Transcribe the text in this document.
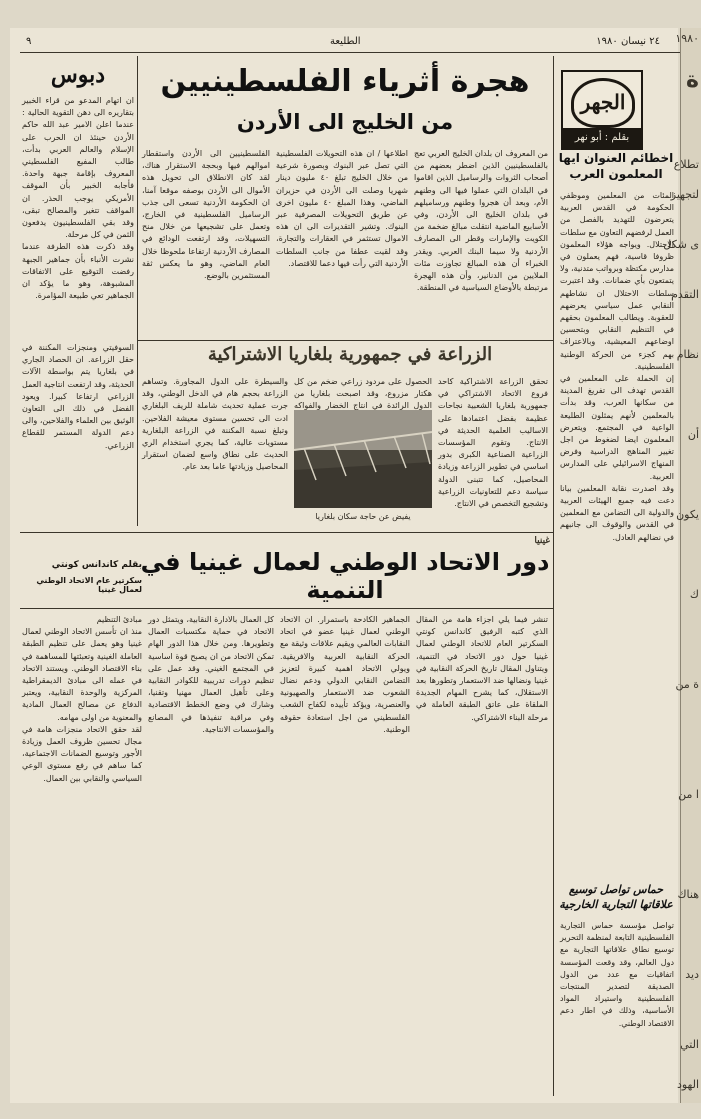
١٩٨٠
ة
تطلاع
لتجهيز
ى شكل
التقدم
نظام
أن
يكون
ك
ة من
ا من
هناك
ديد
التي
الهود
٩	الطليعة	٢٤ نيسان ١٩٨٠
دبوس
ان اتهام المدعو من قراء الخبير بتقاريره الى دهن التقوية الحالية : عندما اعلن الامير عبد الله حاكم الأردن حينئذ ان الحرب على الإسلام والعالم العربي بدأت، طالب المفيع الفلسطيني المعروف بإقامة جبهة واحدة. فأجابه الخبير بأن الموقف الأمريكي يوجب الحذر. ان المواقف تتغير والمصالح تبقى، وقد بقي الفلسطينيون يدفعون الثمن في كل مرحلة.
وقد ذكرت هذه الطرفة عندما نشرت الأنباء بأن جماهير الجبهة رفضت التوقيع على الاتفاقات المشبوهة، وهو ما يؤكد ان الجماهير تعي طبيعة المؤامرة.
هجرة أثرياء الفلسطينيين
من الخليج الى الأردن
من المعروف ان بلدان الخليج العربي تعج بالفلسطينيين الذين اضطر بعضهم من أصحاب الثروات والرساميل الذين اقاموا في البلدان التي عملوا فيها الى وطنهم الأم، وبعد أن هجروا وطنهم ورساميلهم في بلدان الخليج الى الأردن، وفي الأسابيع الماضية انتقلت مبالغ ضخمة من الكويت والإمارات وقطر الى المصارف الأردنية ولا سيما البنك العربي. ويقدر الخبراء أن هذه المبالغ تجاوزت مئات الملايين من الدنانير، وأن هذه الهجرة مرتبطة بالأوضاع السياسية في المنطقة.
اطلاعها / ان هذه التحويلات الفلسطينية التي تصل عبر البنوك وبصورة شرعية من خلال الخليج تبلغ ٤٠ مليون دينار شهريا وصلت الى الأردن في حزيران الماضي، وهذا المبلغ ٤٠ مليون اخرى عن طريق التحويلات المصرفية عبر البنوك. وتشير التقديرات الى ان هذه الاموال تستثمر في العقارات والتجارة، وقد لقيت عطفا من جانب السلطات الأردنية التي رأت فيها دعما للاقتصاد.
الفلسطينيين الى الأردن واستقطار اموالهم فيها وبحجة الاستقرار هناك، لقد كان الانطلاق الى تحويل هذه الأموال الى الأردن بوصفه موقعا آمنا، ان الحكومة الأردنية تسعى الى جذب الرساميل الفلسطينية في الخارج، وتعمل على تشجيعها من خلال منح التسهيلات، وقد ارتفعت الودائع في المصارف الأردنية ارتفاعا ملحوظا خلال العام الماضي، وهو ما يعكس ثقة المستثمرين بالوضع.
الجهر
بقلم : أبو نهر
اخطائم العنوان ايها المعلمون العرب
المئات من المعلمين وموظفي الحكومة في القدس العربية يتعرضون للتهديد بالفصل من العمل لرفضهم التعاون مع سلطات الاحتلال. ويواجه هؤلاء المعلمون ظروفا قاسية، فهم يعملون في مدارس مكتظة وبرواتب متدنية، ولا يتمتعون بأي ضمانات. وقد اعتبرت سلطات الاحتلال ان نشاطهم النقابي عمل سياسي يعرضهم للعقوبة. ويطالب المعلمون بحقهم في التنظيم النقابي وبتحسين اوضاعهم المعيشية، وبالاعتراف بهم كجزء من الحركة الوطنية الفلسطينية.
إن الحملة على المعلمين في القدس تهدف الى تفريغ المدينة من سكانها العرب، وقد بدأت بالمعلمين لأنهم يمثلون الطليعة الواعية في المجتمع. ويتعرض المعلمون ايضا لضغوط من اجل تغيير المناهج الدراسية وفرض المنهاج الاسرائيلي على المدارس العربية.
وقد اصدرت نقابة المعلمين بيانا دعت فيه جميع الهيئات العربية والدولية الى التضامن مع المعلمين في القدس والوقوف الى جانبهم في نضالهم العادل.
حماس تواصل توسيع علاقاتها التجارية الخارجية
تواصل مؤسسة حماس التجارية الفلسطينية التابعة لمنظمة التحرير توسيع نطاق علاقاتها التجارية مع دول العالم، وقد وقعت المؤسسة اتفاقيات مع عدد من الدول الصديقة لتصدير المنتجات الفلسطينية واستيراد المواد الأساسية، وذلك في اطار دعم الاقتصاد الوطني.
الزراعة في جمهورية بلغاريا الاشتراكية
تحقق الزراعة الاشتراكية كاحد فروع الاتحاد الاشتراكي في جمهورية بلغاريا الشعبية نجاحات عظيمة بفضل اعتمادها على الاساليب العلمية الحديثة في الانتاج. وتقوم المؤسسات الزراعية الصناعية الكبرى بدور اساسي في تطوير الزراعة وزيادة المحاصيل، كما تتبنى الدولة سياسة دعم للتعاونيات الزراعية وتشجيع التخصص في الانتاج.
الحصول على مردود زراعي ضخم من كل هكتار مزروع، وقد اصبحت بلغاريا من الدول الرائدة في انتاج الخضار والفواكه
يفيض عن حاجة سكان بلغاريا
والسيطرة على الدول المجاورة. وتساهم الزراعة بحجم هام في الدخل الوطني، وقد جرت عملية تحديث شاملة للريف البلغاري ادت الى تحسين مستوى معيشة الفلاحين. وتبلغ نسبة المكننة في الزراعة البلغارية مستويات عالية، كما يجري استخدام الري الحديث على نطاق واسع لضمان استقرار المحاصيل وزيادتها عاما بعد عام.
السوفيتي ومنجزات المكننة في حقل الزراعة. ان الحصاد الجاري في بلغاريا يتم بواسطة الآلات الحديثة، وقد ارتفعت انتاجية العمل الزراعي ارتفاعا كبيرا. ويعود الفضل في ذلك الى التعاون الوثيق بين العلماء والفلاحين، والى دعم الدولة المستمر للقطاع الزراعي.
غينيا
دور الاتحاد الوطني لعمال غينيا في التنمية
بقلم كاندانس كونتي
سكرتير عام الاتحاد الوطني لعمال غينيا
تنشر فيما يلي اجزاء هامة من المقال الذي كتبه الرفيق كاندانس كونتي السكرتير العام للاتحاد الوطني لعمال غينيا حول دور الاتحاد في التنمية، ويتناول المقال تاريخ الحركة النقابية في غينيا ونضالها ضد الاستعمار وتطورها بعد الاستقلال، كما يشرح المهام الجديدة الملقاة على عاتق الطبقة العاملة في مرحلة البناء الاشتراكي.
الجماهير الكادحة باستمرار. ان الاتحاد الوطني لعمال غينيا عضو في اتحاد النقابات العالمي ويقيم علاقات وثيقة مع الحركة النقابية العربية والافريقية. ويولي الاتحاد اهمية كبيرة لتعزيز التضامن النقابي الدولي ودعم نضال الشعوب ضد الاستعمار والصهيونية والعنصرية، ويؤكد تأييده لكفاح الشعب الفلسطيني من اجل استعادة حقوقه الوطنية.
كل العمال بالادارة النقابية، ويتمثل دور الاتحاد في حماية مكتسبات العمال وتطويرها. ومن خلال هذا الدور الهام تمكن الاتحاد من ان يصبح قوة اساسية في المجتمع الغيني. وقد عمل على تنظيم دورات تدريبية للكوادر النقابية وعلى تأهيل العمال مهنيا وتقنيا، وشارك في وضع الخطط الاقتصادية وفي مراقبة تنفيذها في المصانع والمؤسسات الانتاجية.
مبادئ التنظيم
منذ ان تأسس الاتحاد الوطني لعمال غينيا وهو يعمل على تنظيم الطبقة العاملة الغينية وتعبئتها للمساهمة في بناء الاقتصاد الوطني. ويستند الاتحاد في عمله الى مبادئ الديمقراطية المركزية والوحدة النقابية، ويعتبر الدفاع عن مصالح العمال المادية والمعنوية من اولى مهامه.
لقد حقق الاتحاد منجزات هامة في مجال تحسين ظروف العمل وزيادة الأجور وتوسيع الضمانات الاجتماعية، كما ساهم في رفع مستوى الوعي السياسي والنقابي بين العمال.
